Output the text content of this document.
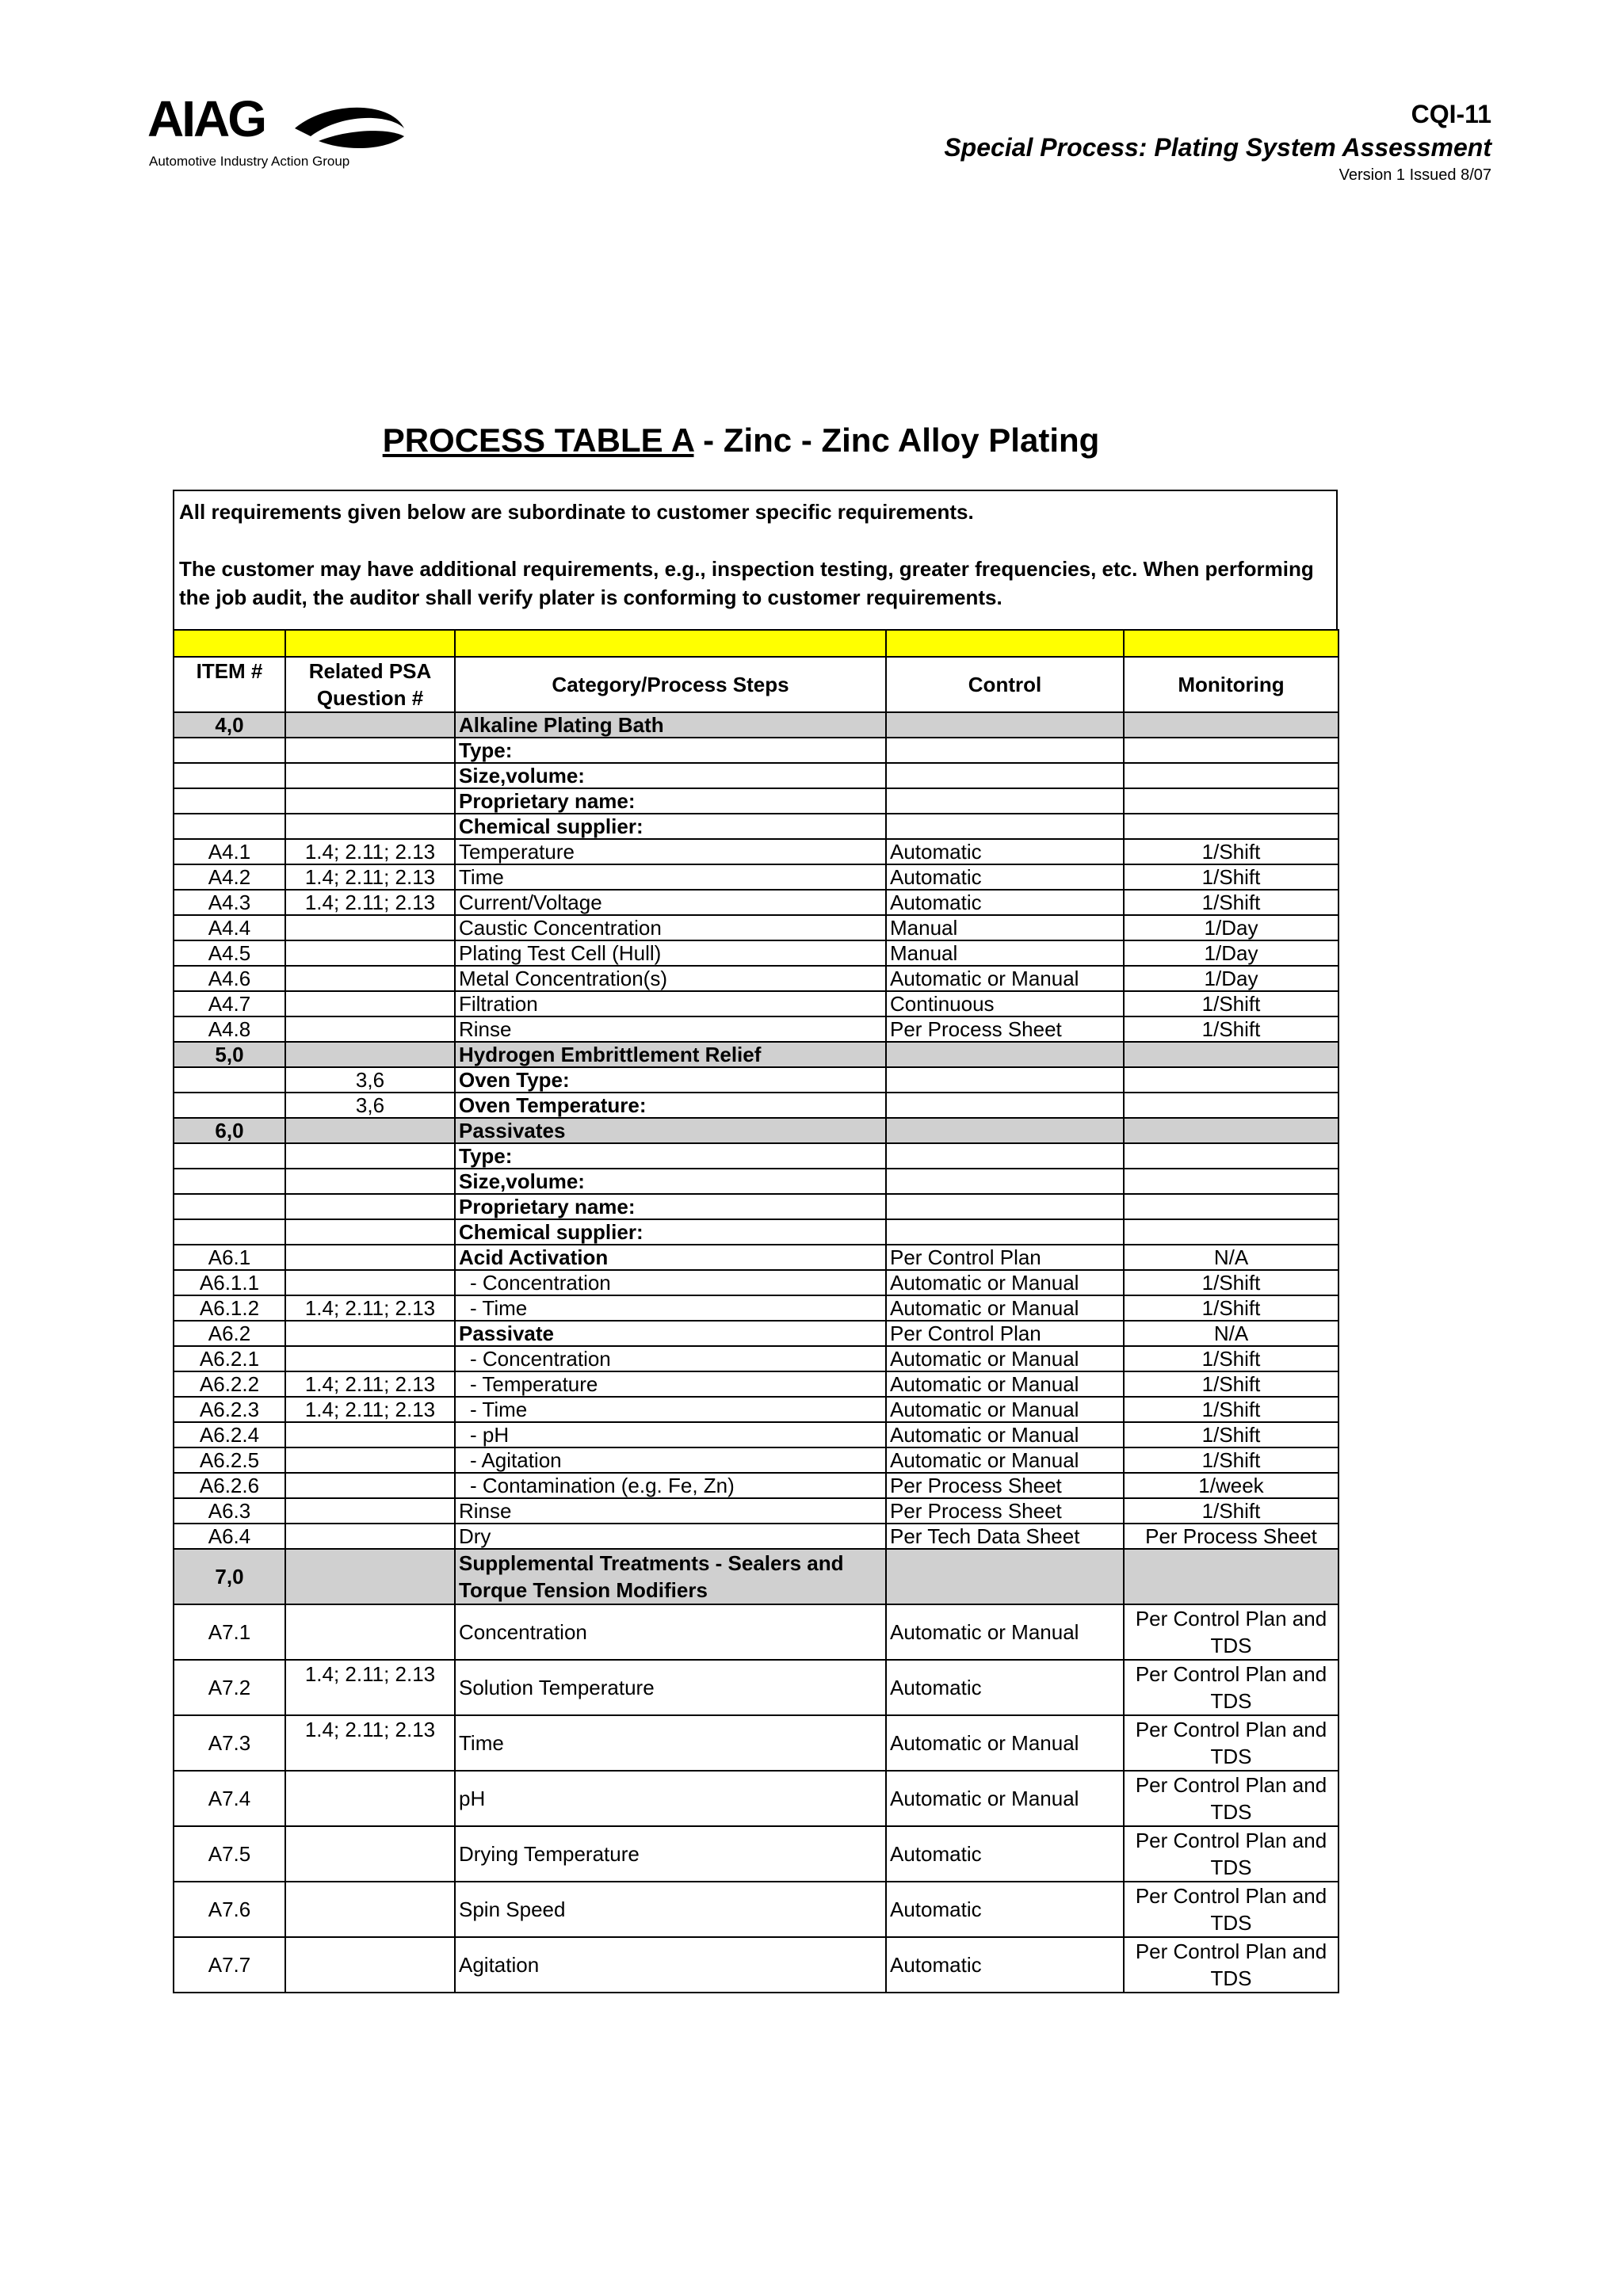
AIAG
Automotive Industry Action Group
CQI-11
Special Process: Plating System Assessment
Version 1 Issued 8/07
PROCESS TABLE A - Zinc - Zinc Alloy Plating

All requirements given below are subordinate to customer specific requirements.

The customer may have additional requirements, e.g., inspection testing, greater frequencies, etc. When performing the job audit, the auditor shall verify plater is conforming to customer requirements.

ITEM #	Related PSA Question #	Category/Process Steps	Control	Monitoring
4,0		Alkaline Plating Bath		
		Type:		
		Size,volume:		
		Proprietary name:		
		Chemical supplier:		
A4.1	1.4; 2.11; 2.13	Temperature	Automatic	1/Shift
A4.2	1.4; 2.11; 2.13	Time	Automatic	1/Shift
A4.3	1.4; 2.11; 2.13	Current/Voltage	Automatic	1/Shift
A4.4		Caustic Concentration	Manual	1/Day
A4.5		Plating Test Cell (Hull)	Manual	1/Day
A4.6		Metal Concentration(s)	Automatic or Manual	1/Day
A4.7		Filtration	Continuous	1/Shift
A4.8		Rinse	Per Process Sheet	1/Shift
5,0		Hydrogen Embrittlement Relief		
	3,6	Oven Type:		
	3,6	Oven Temperature:		
6,0		Passivates		
		Type:		
		Size,volume:		
		Proprietary name:		
		Chemical supplier:		
A6.1		Acid Activation	Per Control Plan	N/A
A6.1.1		- Concentration	Automatic or Manual	1/Shift
A6.1.2	1.4; 2.11; 2.13	- Time	Automatic or Manual	1/Shift
A6.2		Passivate	Per Control Plan	N/A
A6.2.1		- Concentration	Automatic or Manual	1/Shift
A6.2.2	1.4; 2.11; 2.13	- Temperature	Automatic or Manual	1/Shift
A6.2.3	1.4; 2.11; 2.13	- Time	Automatic or Manual	1/Shift
A6.2.4		- pH	Automatic or Manual	1/Shift
A6.2.5		- Agitation	Automatic or Manual	1/Shift
A6.2.6		- Contamination (e.g. Fe, Zn)	Per Process Sheet	1/week
A6.3		Rinse	Per Process Sheet	1/Shift
A6.4		Dry	Per Tech Data Sheet	Per Process Sheet
7,0		Supplemental Treatments - Sealers and Torque Tension Modifiers		
A7.1		Concentration	Automatic or Manual	Per Control Plan and TDS
A7.2	1.4; 2.11; 2.13	Solution Temperature	Automatic	Per Control Plan and TDS
A7.3	1.4; 2.11; 2.13	Time	Automatic or Manual	Per Control Plan and TDS
A7.4		pH	Automatic or Manual	Per Control Plan and TDS
A7.5		Drying Temperature	Automatic	Per Control Plan and TDS
A7.6		Spin Speed	Automatic	Per Control Plan and TDS
A7.7		Agitation	Automatic	Per Control Plan and TDS
